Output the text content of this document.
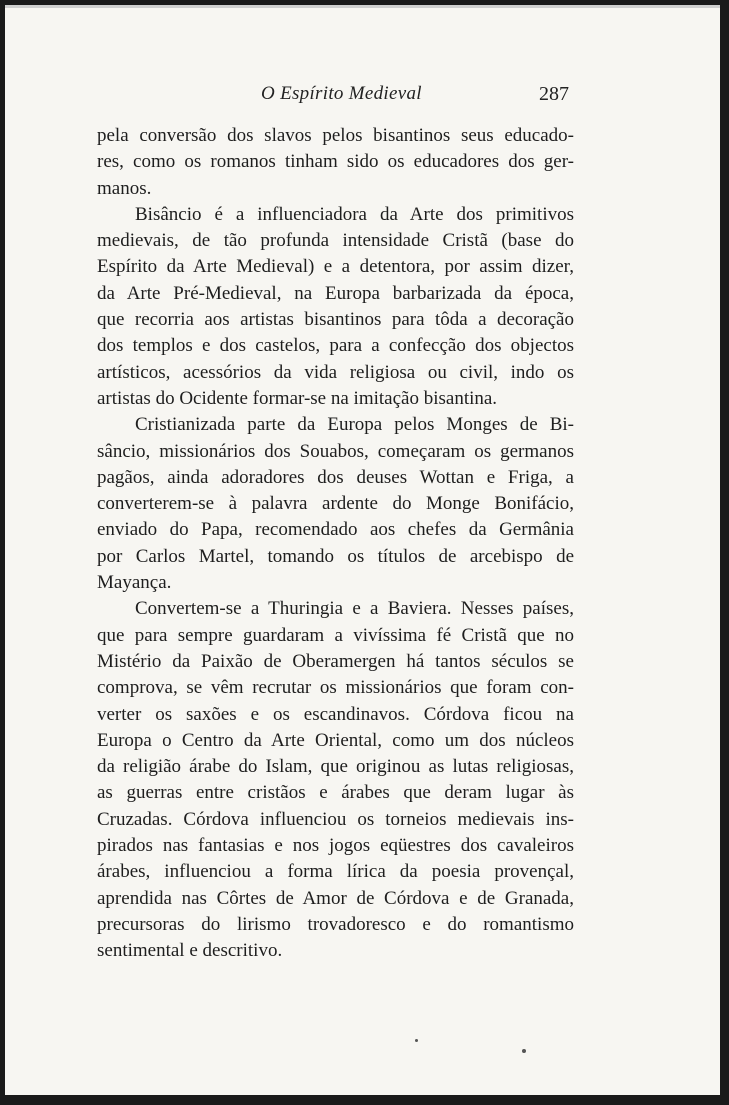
O Espírito Medieval	287
pela conversão dos slavos pelos bisantinos seus educado-
res, como os romanos tinham sido os educadores dos ger-
manos.
Bisâncio é a influenciadora da Arte dos primitivos
medievais, de tão profunda intensidade Cristã (base do
Espírito da Arte Medieval) e a detentora, por assim dizer,
da Arte Pré-Medieval, na Europa barbarizada da época,
que recorria aos artistas bisantinos para tôda a decoração
dos templos e dos castelos, para a confecção dos objectos
artísticos, acessórios da vida religiosa ou civil, indo os
artistas do Ocidente formar-se na imitação bisantina.
Cristianizada parte da Europa pelos Monges de Bi-
sâncio, missionários dos Souabos, começaram os germanos
pagãos, ainda adoradores dos deuses Wottan e Friga, a
converterem-se à palavra ardente do Monge Bonifácio,
enviado do Papa, recomendado aos chefes da Germânia
por Carlos Martel, tomando os títulos de arcebispo de
Mayança.
Convertem-se a Thuringia e a Baviera. Nesses países,
que para sempre guardaram a vivíssima fé Cristã que no
Mistério da Paixão de Oberamergen há tantos séculos se
comprova, se vêm recrutar os missionários que foram con-
verter os saxões e os escandinavos. Córdova ficou na
Europa o Centro da Arte Oriental, como um dos núcleos
da religião árabe do Islam, que originou as lutas religiosas,
as guerras entre cristãos e árabes que deram lugar às
Cruzadas. Córdova influenciou os torneios medievais ins-
pirados nas fantasias e nos jogos eqüestres dos cavaleiros
árabes, influenciou a forma lírica da poesia provençal,
aprendida nas Côrtes de Amor de Córdova e de Granada,
precursoras do lirismo trovadoresco e do romantismo
sentimental e descritivo.
